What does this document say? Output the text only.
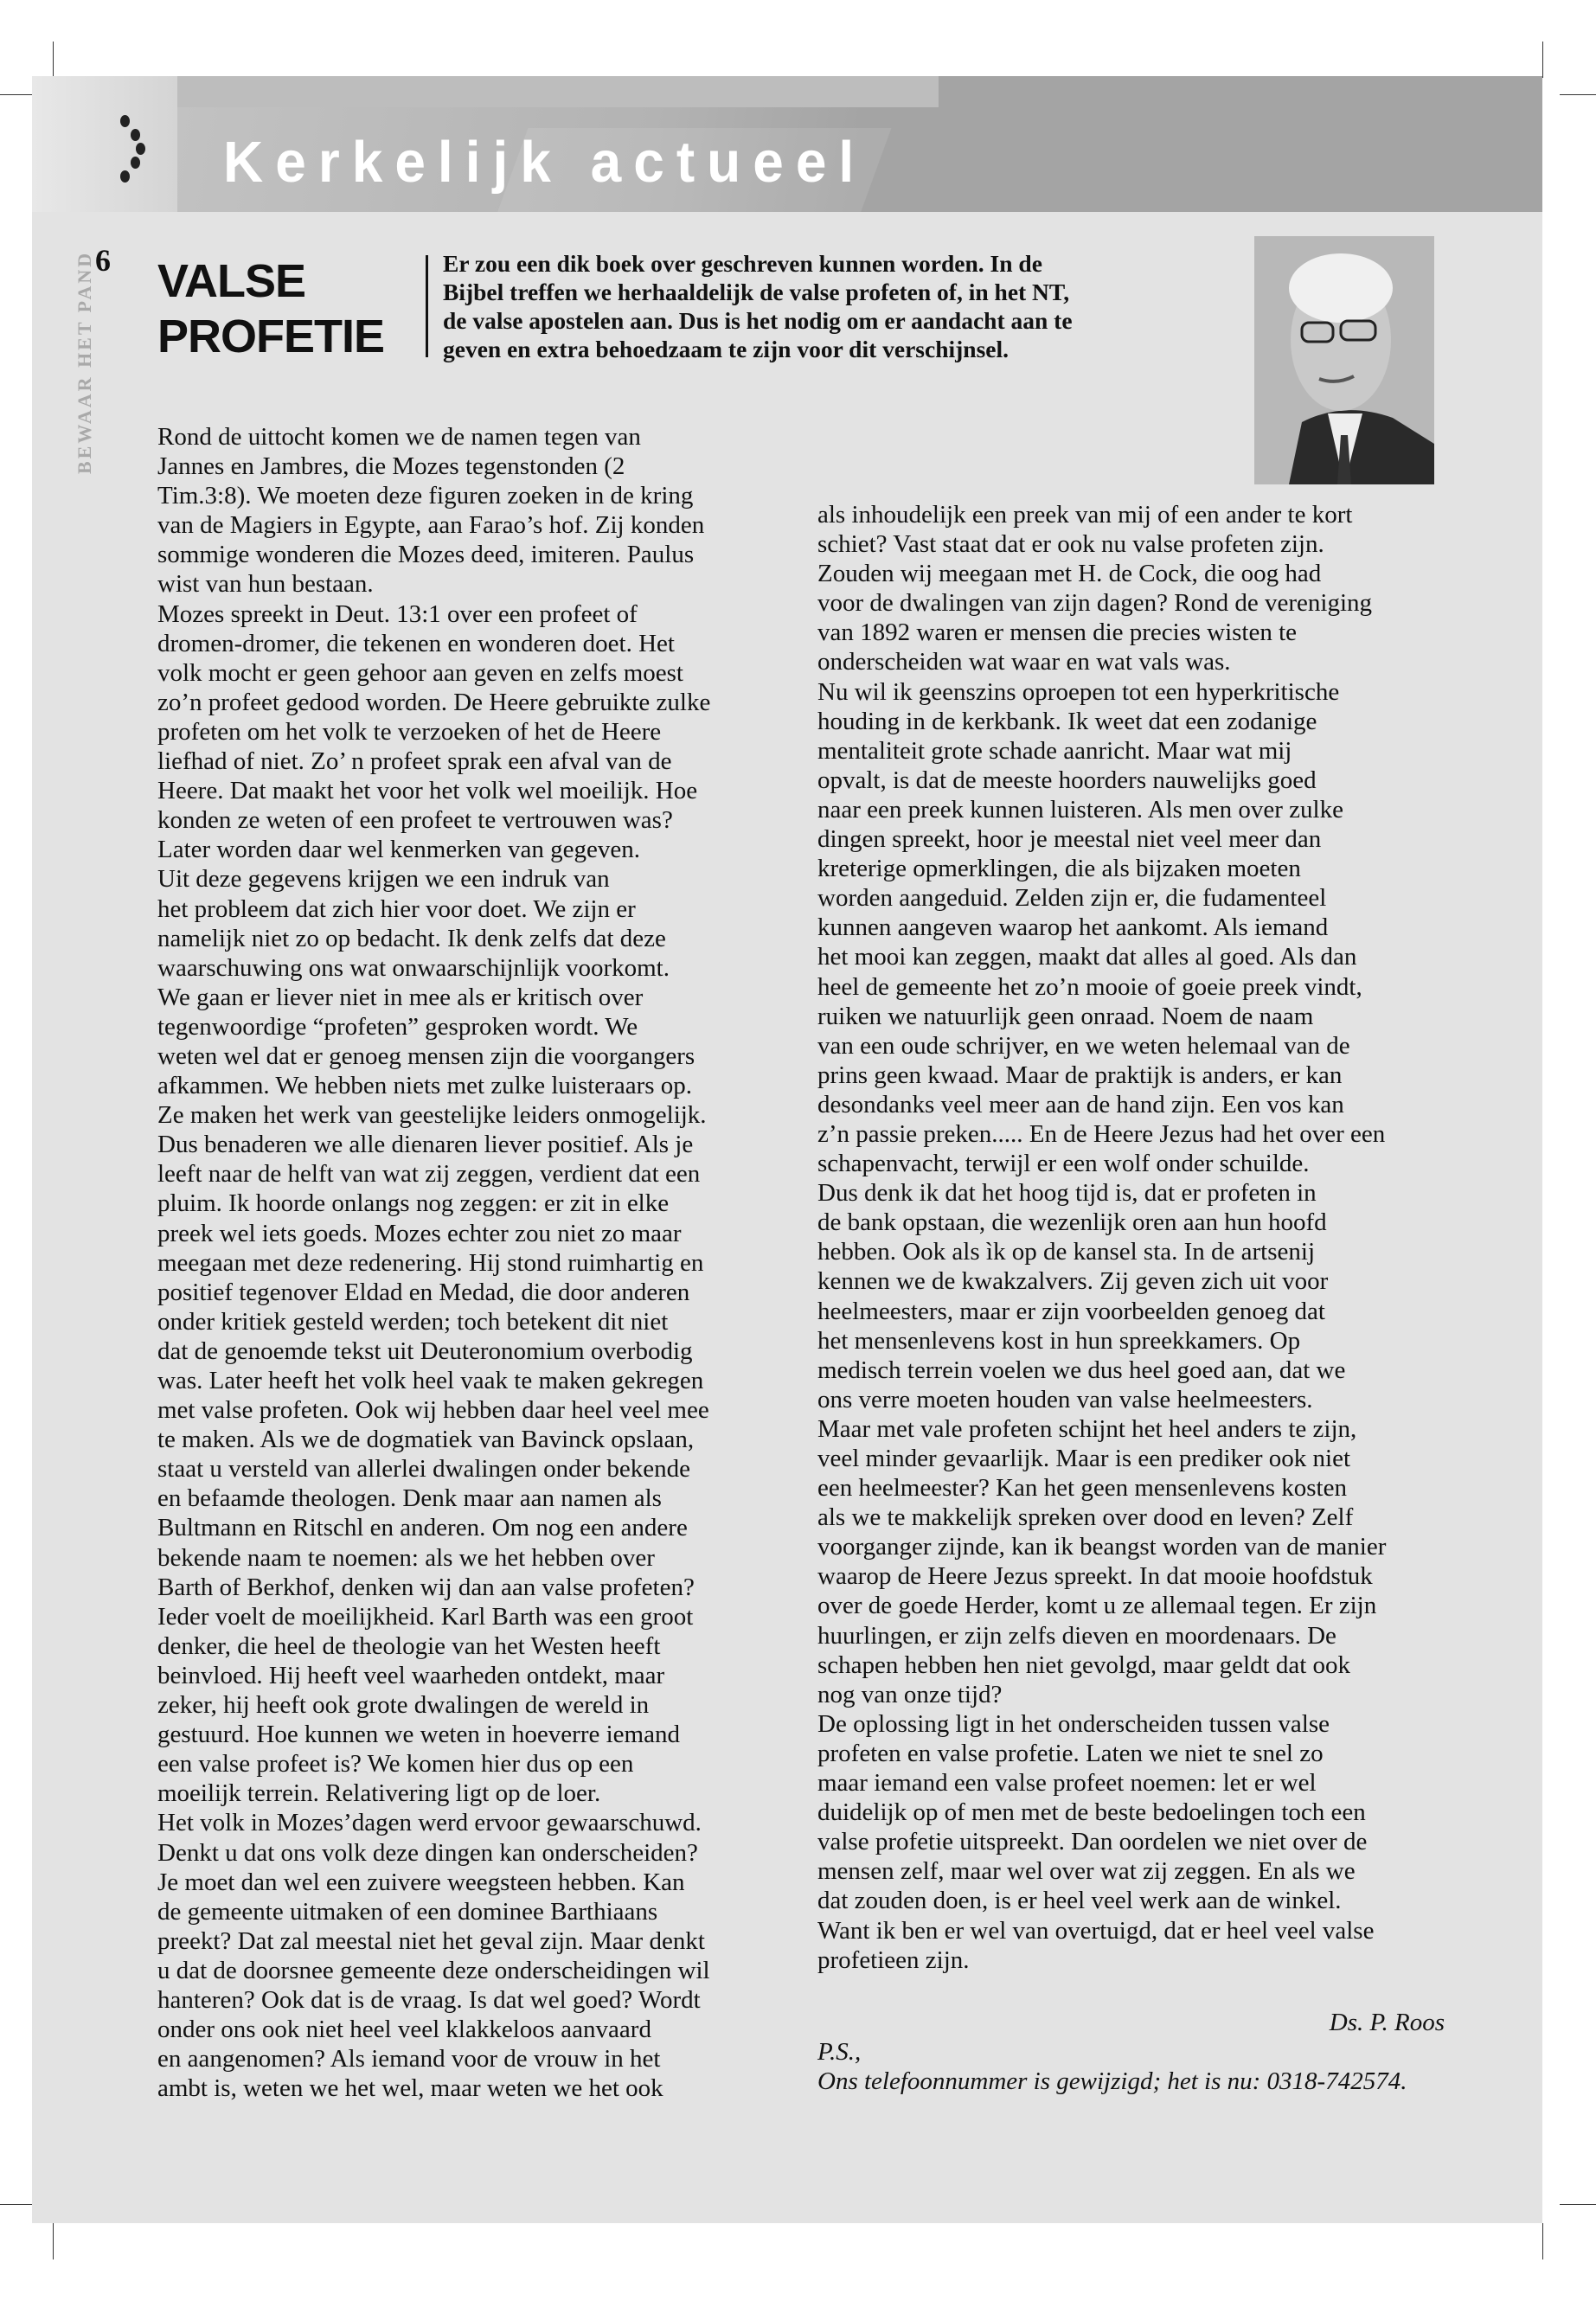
Kerkelijk actueel
6
BEWAAR HET PAND VALSE
PROFETIE
Er zou een dik boek over geschreven kunnen worden. In de
Bijbel treffen we herhaaldelijk de valse profeten of, in het NT,
de valse apostelen aan. Dus is het nodig om er aandacht aan te
geven en extra behoedzaam te zijn voor dit verschijnsel.
Rond de uittocht komen we de namen tegen van
Jannes en Jambres, die Mozes tegenstonden (2
Tim.3:8). We moeten deze figuren zoeken in de kring
van de Magiers in Egypte, aan Farao’s hof. Zij konden
sommige wonderen die Mozes deed, imiteren. Paulus
wist van hun bestaan.
Mozes spreekt in Deut. 13:1 over een profeet of
dromen-dromer, die tekenen en wonderen doet. Het
volk mocht er geen gehoor aan geven en zelfs moest
zo’n profeet gedood worden. De Heere gebruikte zulke
profeten om het volk te verzoeken of het de Heere
liefhad of niet. Zo’ n profeet sprak een afval van de
Heere. Dat maakt het voor het volk wel moeilijk. Hoe
konden ze weten of een profeet te vertrouwen was?
Later worden daar wel kenmerken van gegeven.
Uit deze gegevens krijgen we een indruk van
het probleem dat zich hier voor doet. We zijn er
namelijk niet zo op bedacht. Ik denk zelfs dat deze
waarschuwing ons wat onwaarschijnlijk voorkomt.
We gaan er liever niet in mee als er kritisch over
tegenwoordige “profeten” gesproken wordt. We
weten wel dat er genoeg mensen zijn die voorgangers
afkammen. We hebben niets met zulke luisteraars op.
Ze maken het werk van geestelijke leiders onmogelijk.
Dus benaderen we alle dienaren liever positief. Als je
leeft naar de helft van wat zij zeggen, verdient dat een
pluim. Ik hoorde onlangs nog zeggen: er zit in elke
preek wel iets goeds. Mozes echter zou niet zo maar
meegaan met deze redenering. Hij stond ruimhartig en
positief tegenover Eldad en Medad, die door anderen
onder kritiek gesteld werden; toch betekent dit niet
dat de genoemde tekst uit Deuteronomium overbodig
was. Later heeft het volk heel vaak te maken gekregen
met valse profeten. Ook wij hebben daar heel veel mee
te maken. Als we de dogmatiek van Bavinck opslaan,
staat u versteld van allerlei dwalingen onder bekende
en befaamde theologen. Denk maar aan namen als
Bultmann en Ritschl en anderen. Om nog een andere
bekende naam te noemen: als we het hebben over
Barth of Berkhof, denken wij dan aan valse profeten?
Ieder voelt de moeilijkheid. Karl Barth was een groot
denker, die heel de theologie van het Westen heeft
beinvloed. Hij heeft veel waarheden ontdekt, maar
zeker, hij heeft ook grote dwalingen de wereld in
gestuurd. Hoe kunnen we weten in hoeverre iemand
een valse profeet is? We komen hier dus op een
moeilijk terrein. Relativering ligt op de loer.
Het volk in Mozes’dagen werd ervoor gewaarschuwd.
Denkt u dat ons volk deze dingen kan onderscheiden?
Je moet dan wel een zuivere weegsteen hebben. Kan
de gemeente uitmaken of een dominee Barthiaans
preekt? Dat zal meestal niet het geval zijn. Maar denkt
u dat de doorsnee gemeente deze onderscheidingen wil
hanteren? Ook dat is de vraag. Is dat wel goed? Wordt
onder ons ook niet heel veel klakkeloos aanvaard
en aangenomen? Als iemand voor de vrouw in het
ambt is, weten we het wel, maar weten we het ook
als inhoudelijk een preek van mij of een ander te kort
schiet? Vast staat dat er ook nu valse profeten zijn.
Zouden wij meegaan met H. de Cock, die oog had
voor de dwalingen van zijn dagen? Rond de vereniging
van 1892 waren er mensen die precies wisten te
onderscheiden wat waar en wat vals was.
Nu wil ik geenszins oproepen tot een hyperkritische
houding in de kerkbank. Ik weet dat een zodanige
mentaliteit grote schade aanricht. Maar wat mij
opvalt, is dat de meeste hoorders nauwelijks goed
naar een preek kunnen luisteren. Als men over zulke
dingen spreekt, hoor je meestal niet veel meer dan
kreterige opmerklingen, die als bijzaken moeten
worden aangeduid. Zelden zijn er, die fudamenteel
kunnen aangeven waarop het aankomt. Als iemand
het mooi kan zeggen, maakt dat alles al goed. Als dan
heel de gemeente het zo’n mooie of goeie preek vindt,
ruiken we natuurlijk geen onraad. Noem de naam
van een oude schrijver, en we weten helemaal van de
prins geen kwaad. Maar de praktijk is anders, er kan
desondanks veel meer aan de hand zijn. Een vos kan
z’n passie preken..... En de Heere Jezus had het over een
schapenvacht, terwijl er een wolf onder schuilde.
Dus denk ik dat het hoog tijd is, dat er profeten in
de bank opstaan, die wezenlijk oren aan hun hoofd
hebben. Ook als ìk op de kansel sta. In de artsenij
kennen we de kwakzalvers. Zij geven zich uit voor
heelmeesters, maar er zijn voorbeelden genoeg dat
het mensenlevens kost in hun spreekkamers. Op
medisch terrein voelen we dus heel goed aan, dat we
ons verre moeten houden van valse heelmeesters.
Maar met vale profeten schijnt het heel anders te zijn,
veel minder gevaarlijk. Maar is een prediker ook niet
een heelmeester? Kan het geen mensenlevens kosten
als we te makkelijk spreken over dood en leven? Zelf
voorganger zijnde, kan ik beangst worden van de manier
waarop de Heere Jezus spreekt. In dat mooie hoofdstuk
over de goede Herder, komt u ze allemaal tegen. Er zijn
huurlingen, er zijn zelfs dieven en moordenaars. De
schapen hebben hen niet gevolgd, maar geldt dat ook
nog van onze tijd?
De oplossing ligt in het onderscheiden tussen valse
profeten en valse profetie. Laten we niet te snel zo
maar iemand een valse profeet noemen: let er wel
duidelijk op of men met de beste bedoelingen toch een
valse profetie uitspreekt. Dan oordelen we niet over de
mensen zelf, maar wel over wat zij zeggen. En als we
dat zouden doen, is er heel veel werk aan de winkel.
Want ik ben er wel van overtuigd, dat er heel veel valse
profetieen zijn.
Ds. P. Roos
P.S.,
Ons telefoonnummer is gewijzigd; het is nu: 0318-742574.
